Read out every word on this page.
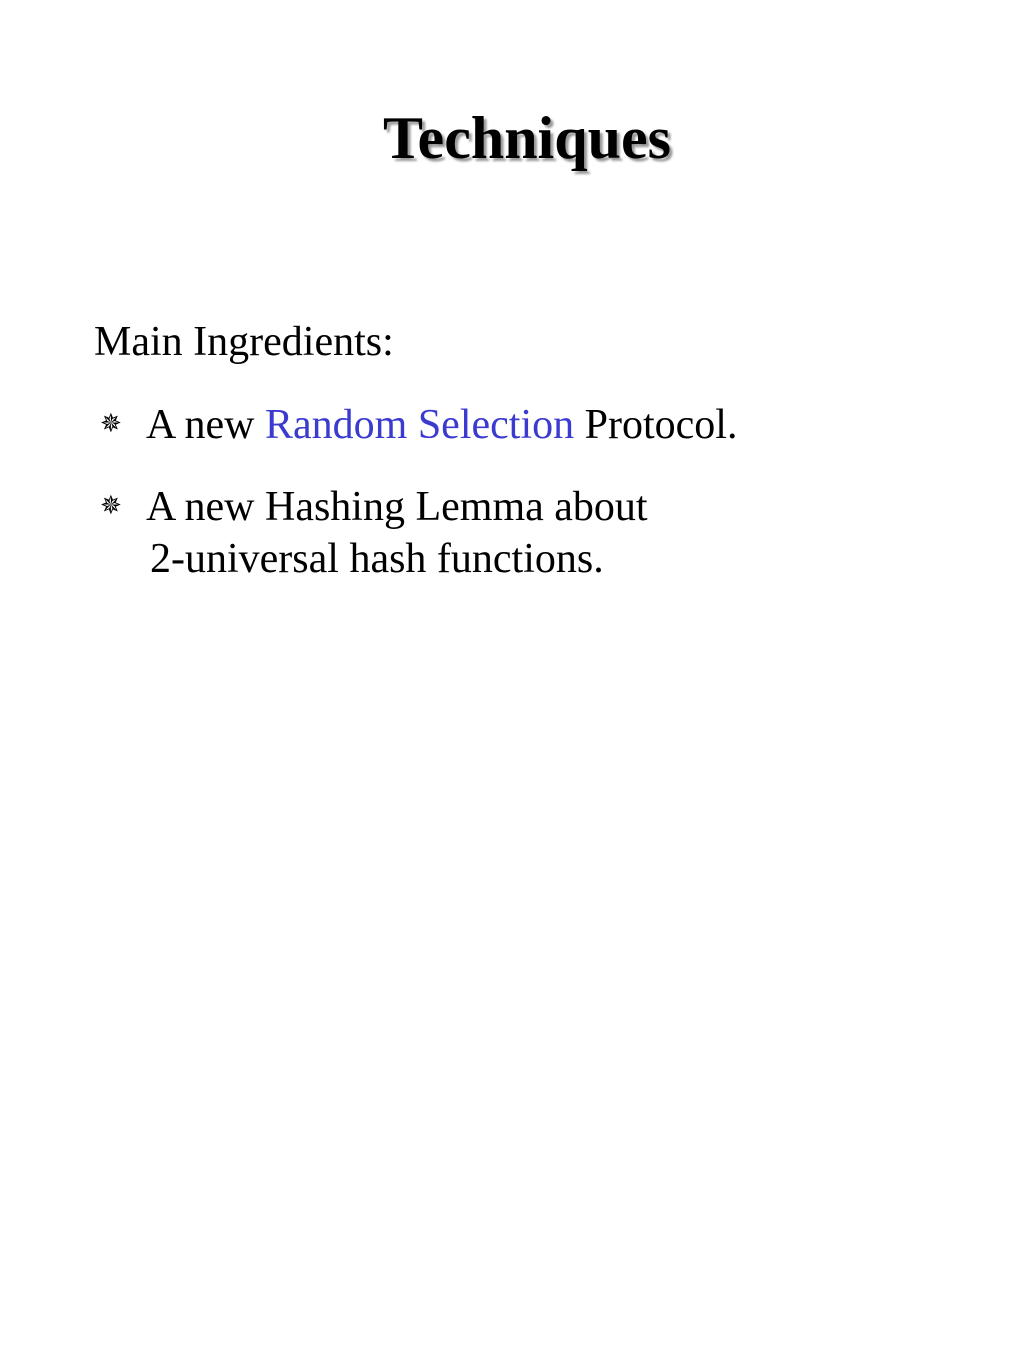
Techniques
Main Ingredients:
✵ A new Random Selection Protocol.
✵ A new Hashing Lemma about
2-universal hash functions.
